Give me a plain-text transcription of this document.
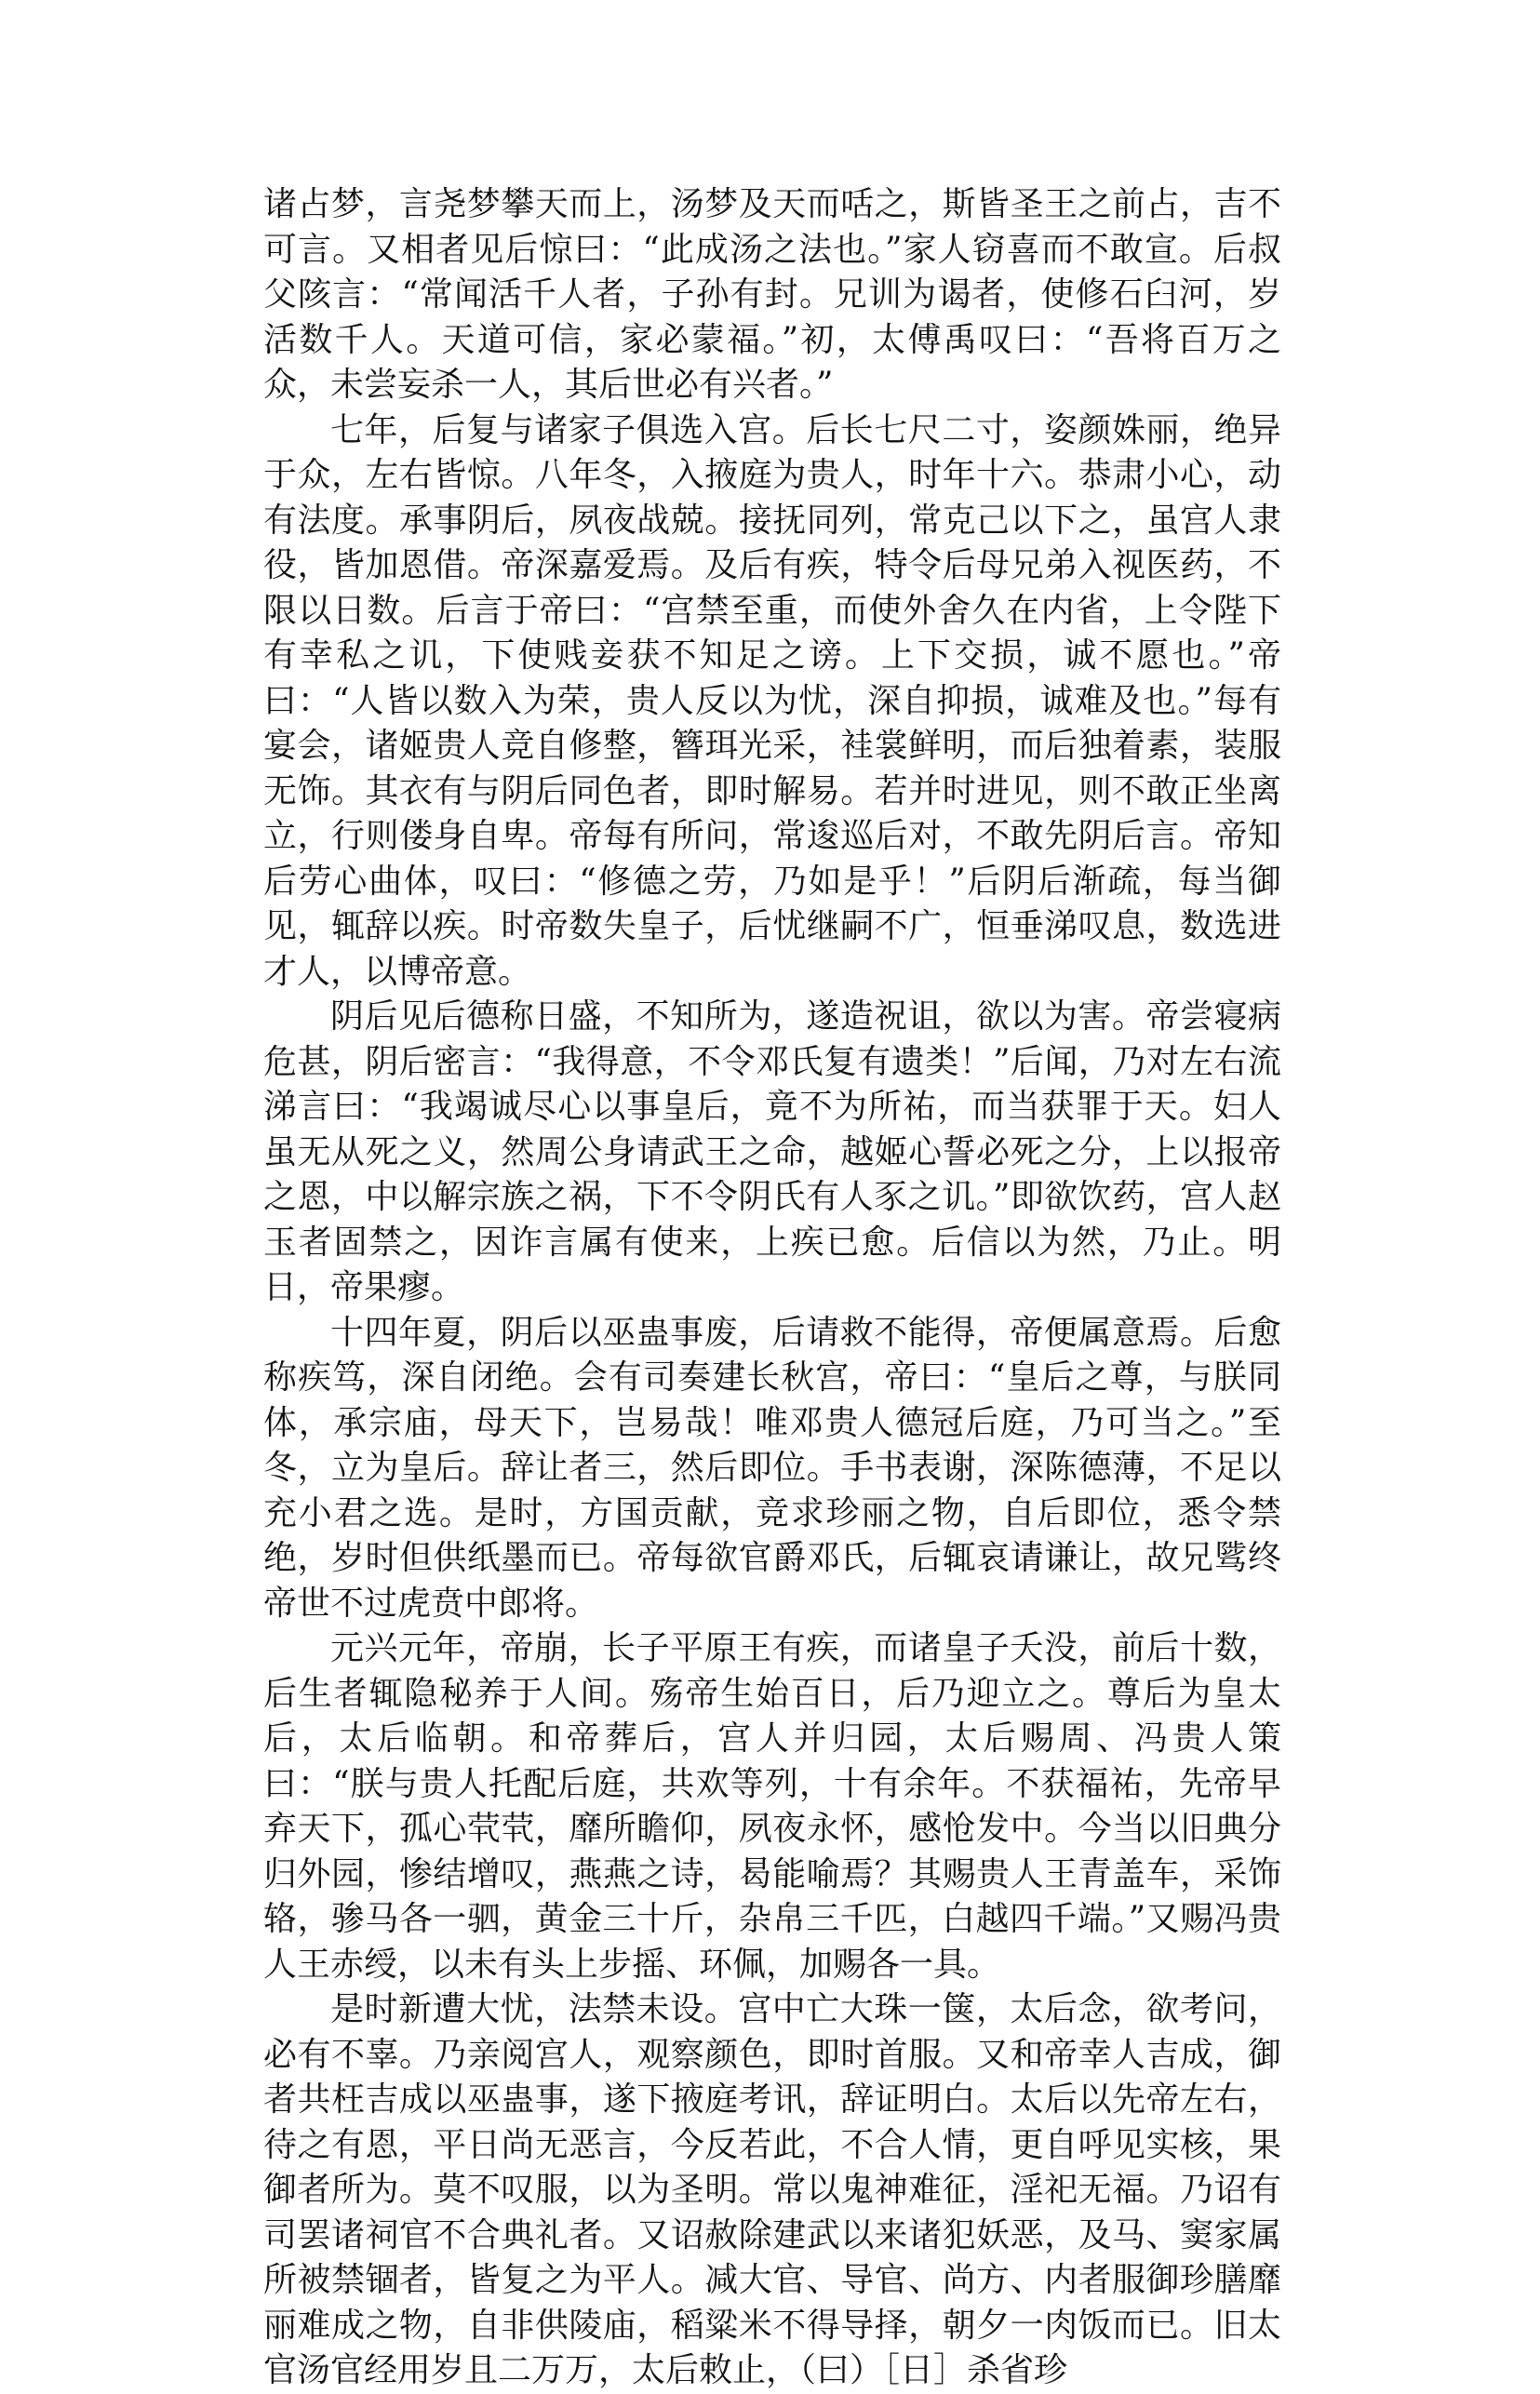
诸占梦，言尧梦攀天而上，汤梦及天而咶之，斯皆圣王之前占，吉不可言。又相者见后惊曰：“此成汤之法也。”家人窃喜而不敢宣。后叔父陔言：“常闻活千人者，子孙有封。兄训为谒者，使修石臼河，岁活数千人。天道可信，家必蒙福。”初，太傅禹叹曰：“吾将百万之众，未尝妄杀一人，其后世必有兴者。”

七年，后复与诸家子俱选入宫。后长七尺二寸，姿颜姝丽，绝异于众，左右皆惊。八年冬，入掖庭为贵人，时年十六。恭肃小心，动有法度。承事阴后，夙夜战兢。接抚同列，常克己以下之，虽宫人隶役，皆加恩借。帝深嘉爱焉。及后有疾，特令后母兄弟入视医药，不限以日数。后言于帝曰：“宫禁至重，而使外舍久在内省，上令陛下有幸私之讥，下使贱妾获不知足之谤。上下交损，诚不愿也。”帝曰：“人皆以数入为荣，贵人反以为忧，深自抑损，诚难及也。”每有宴会，诸姬贵人竞自修整，簪珥光采，袿裳鲜明，而后独着素，装服无饰。其衣有与阴后同色者，即时解易。若并时进见，则不敢正坐离立，行则偻身自卑。帝每有所问，常逡巡后对，不敢先阴后言。帝知后劳心曲体，叹曰：“修德之劳，乃如是乎！”后阴后渐疏，每当御见，辄辞以疾。时帝数失皇子，后忧继嗣不广，恒垂涕叹息，数选进才人，以博帝意。

阴后见后德称日盛，不知所为，遂造祝诅，欲以为害。帝尝寝病危甚，阴后密言：“我得意，不令邓氏复有遗类！”后闻，乃对左右流涕言曰：“我竭诚尽心以事皇后，竟不为所祐，而当获罪于天。妇人虽无从死之义，然周公身请武王之命，越姬心誓必死之分，上以报帝之恩，中以解宗族之祸，下不令阴氏有人豕之讥。”即欲饮药，宫人赵玉者固禁之，因诈言属有使来，上疾已愈。后信以为然，乃止。明日，帝果瘳。

十四年夏，阴后以巫蛊事废，后请救不能得，帝便属意焉。后愈称疾笃，深自闭绝。会有司奏建长秋宫，帝曰：“皇后之尊，与朕同体，承宗庙，母天下，岂易哉！唯邓贵人德冠后庭，乃可当之。”至冬，立为皇后。辞让者三，然后即位。手书表谢，深陈德薄，不足以充小君之选。是时，方国贡献，竞求珍丽之物，自后即位，悉令禁绝，岁时但供纸墨而已。帝每欲官爵邓氏，后辄哀请谦让，故兄骘终帝世不过虎贲中郎将。

元兴元年，帝崩，长子平原王有疾，而诸皇子夭没，前后十数，后生者辄隐秘养于人间。殇帝生始百日，后乃迎立之。尊后为皇太后，太后临朝。和帝葬后，宫人并归园，太后赐周、冯贵人策曰：“朕与贵人托配后庭，共欢等列，十有余年。不获福祐，先帝早弃天下，孤心茕茕，靡所瞻仰，夙夜永怀，感怆发中。今当以旧典分归外园，惨结增叹，燕燕之诗，曷能喻焉？其赐贵人王青盖车，采饰辂，骖马各一驷，黄金三十斤，杂帛三千匹，白越四千端。”又赐冯贵人王赤绶，以未有头上步摇、环佩，加赐各一具。

是时新遭大忧，法禁未设。宫中亡大珠一箧，太后念，欲考问，必有不辜。乃亲阅宫人，观察颜色，即时首服。又和帝幸人吉成，御者共枉吉成以巫蛊事，遂下掖庭考讯，辞证明白。太后以先帝左右，待之有恩，平日尚无恶言，今反若此，不合人情，更自呼见实核，果御者所为。莫不叹服，以为圣明。常以鬼神难征，淫祀无福。乃诏有司罢诸祠官不合典礼者。又诏赦除建武以来诸犯妖恶，及马、窦家属所被禁锢者，皆复之为平人。减大官、导官、尚方、内者服御珍膳靡丽难成之物，自非供陵庙，稻粱米不得导择，朝夕一肉饭而已。旧太官汤官经用岁且二万万，太后敕止，（曰）［日］杀省珍
